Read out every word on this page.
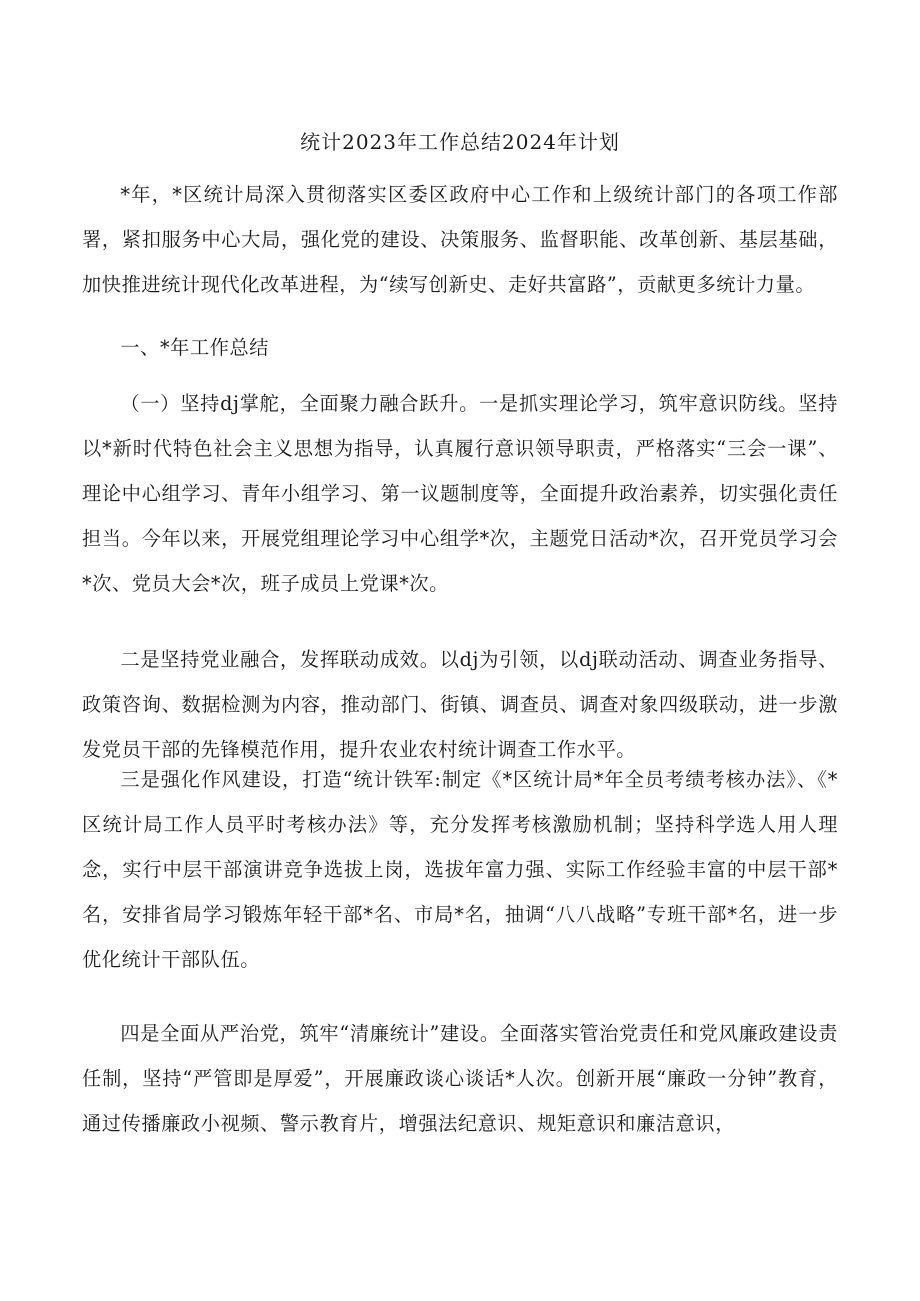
统计2023年工作总结2024年计划

*年，*区统计局深入贯彻落实区委区政府中心工作和上级统计部门的各项工作部署，紧扣服务中心大局，强化党的建设、决策服务、监督职能、改革创新、基层基础，加快推进统计现代化改革进程，为“续写创新史、走好共富路”，贡献更多统计力量。

一、*年工作总结

（一）坚持dj掌舵，全面聚力融合跃升。一是抓实理论学习，筑牢意识防线。坚持以*新时代特色社会主义思想为指导，认真履行意识领导职责，严格落实“三会一课”、理论中心组学习、青年小组学习、第一议题制度等，全面提升政治素养，切实强化责任担当。今年以来，开展党组理论学习中心组学*次，主题党日活动*次，召开党员学习会*次、党员大会*次，班子成员上党课*次。

二是坚持党业融合，发挥联动成效。以dj为引领，以dj联动活动、调查业务指导、政策咨询、数据检测为内容，推动部门、街镇、调查员、调查对象四级联动，进一步激发党员干部的先锋模范作用，提升农业农村统计调查工作水平。

三是强化作风建设，打造“统计铁军:制定《*区统计局*年全员考绩考核办法》、《*区统计局工作人员平时考核办法》等，充分发挥考核激励机制；坚持科学选人用人理念，实行中层干部演讲竞争选拔上岗，选拔年富力强、实际工作经验丰富的中层干部*名，安排省局学习锻炼年轻干部*名、市局*名，抽调“八八战略”专班干部*名，进一步优化统计干部队伍。

四是全面从严治党，筑牢“清廉统计”建设。全面落实管治党责任和党风廉政建设责任制，坚持“严管即是厚爱”，开展廉政谈心谈话*人次。创新开展“廉政一分钟”教育，通过传播廉政小视频、警示教育片，增强法纪意识、规矩意识和廉洁意识，
